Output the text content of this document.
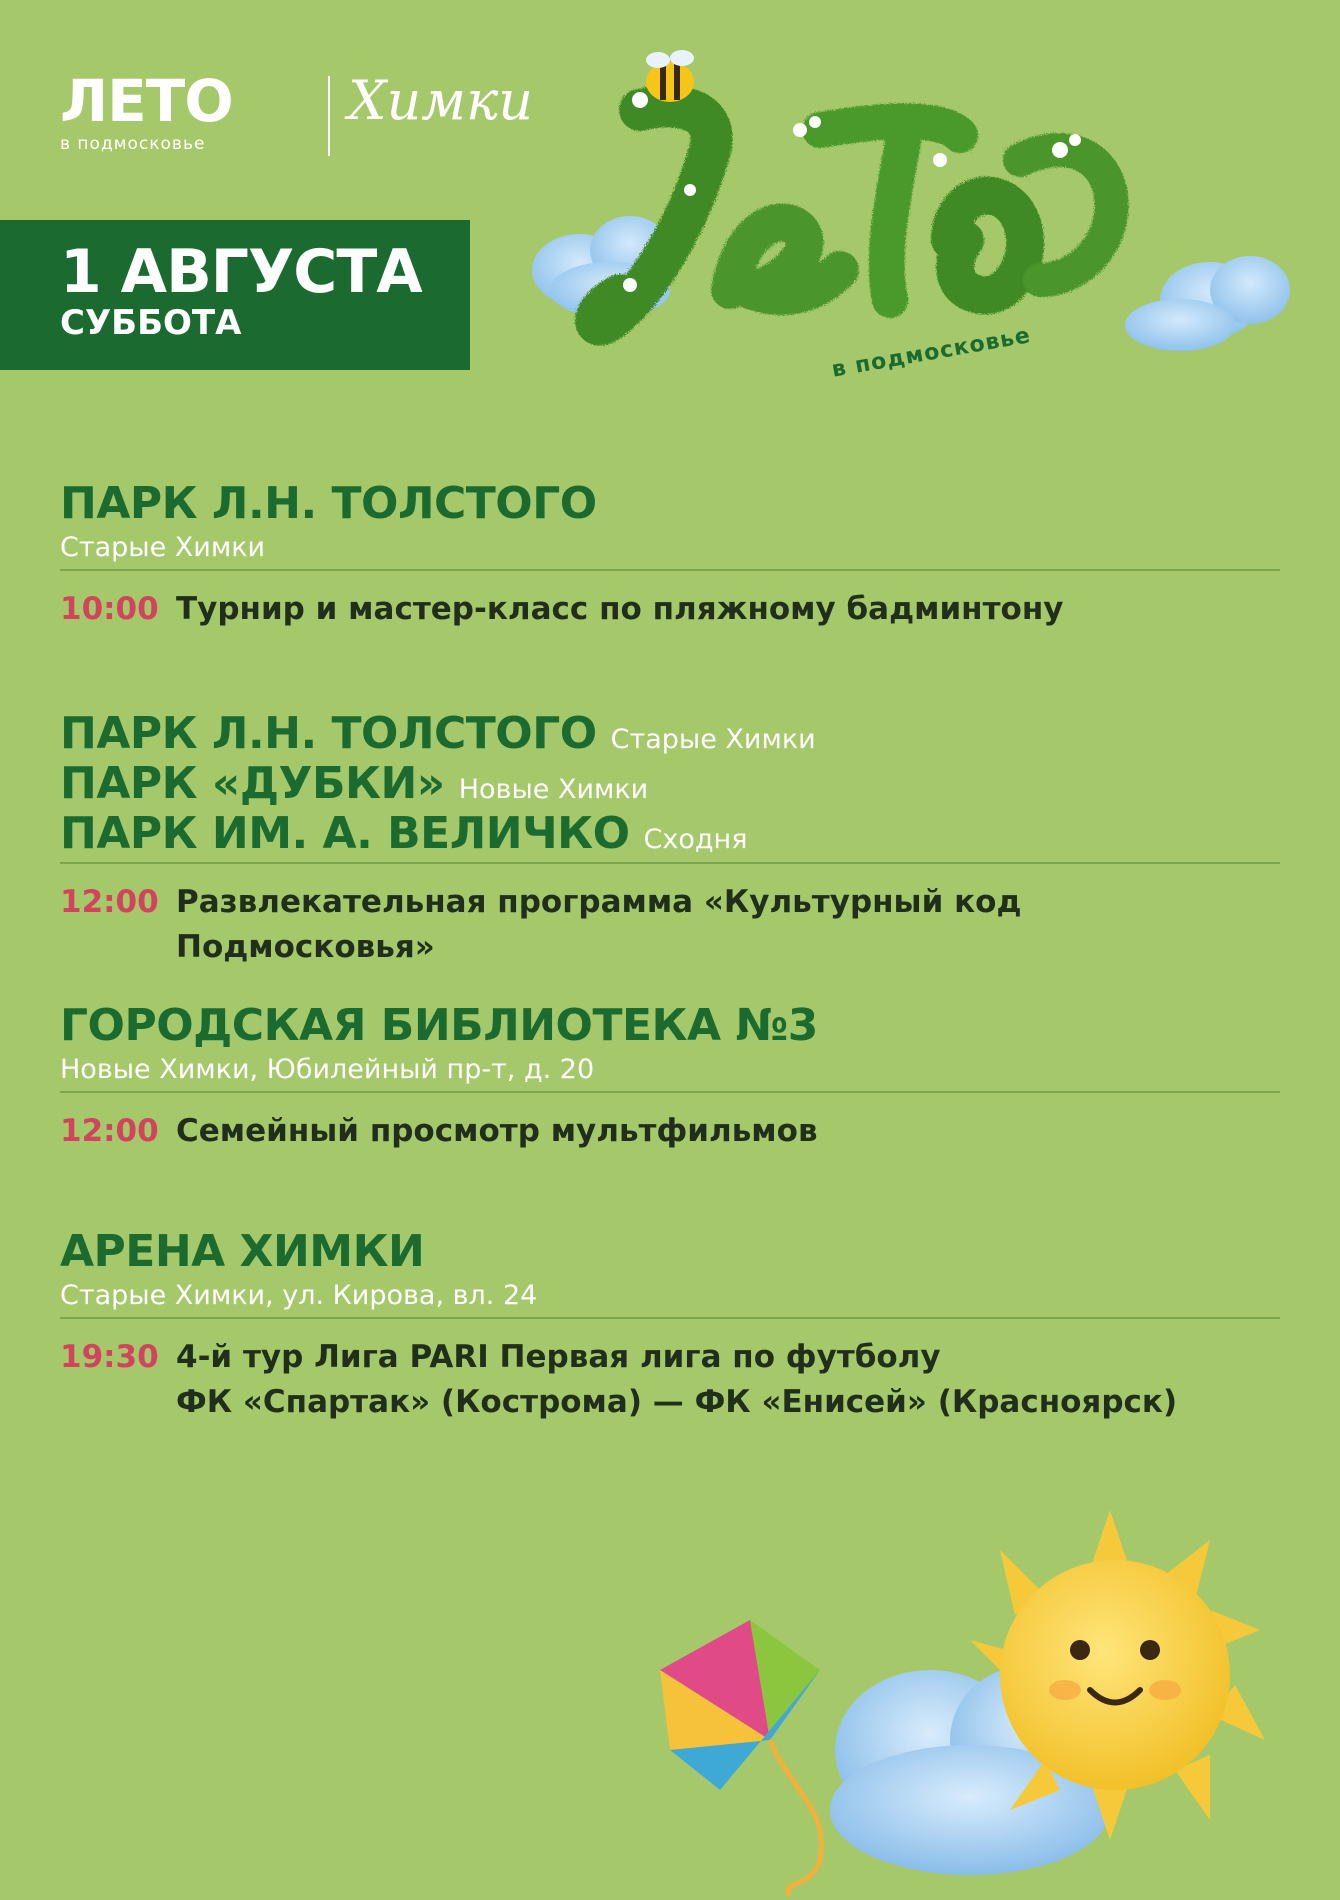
ЛЕТО
в подмосковье
Химки
1 АВГУСТА
СУББОТА
в подмосковье
ПАРК Л.Н. ТОЛСТОГО
Старые Химки
10:00 Турнир и мастер-класс по пляжному бадминтону
ПАРК Л.Н. ТОЛСТОГО Старые Химки
ПАРК «ДУБКИ» Новые Химки
ПАРК ИМ. А. ВЕЛИЧКО Сходня
12:00 Развлекательная программа «Культурный код Подмосковья»
ГОРОДСКАЯ БИБЛИОТЕКА №3
Новые Химки, Юбилейный пр-т, д. 20
12:00 Семейный просмотр мультфильмов
АРЕНА ХИМКИ
Старые Химки, ул. Кирова, вл. 24
19:30 4-й тур Лига PARI Первая лига по футболу
ФК «Спартак» (Кострома) — ФК «Енисей» (Красноярск)
